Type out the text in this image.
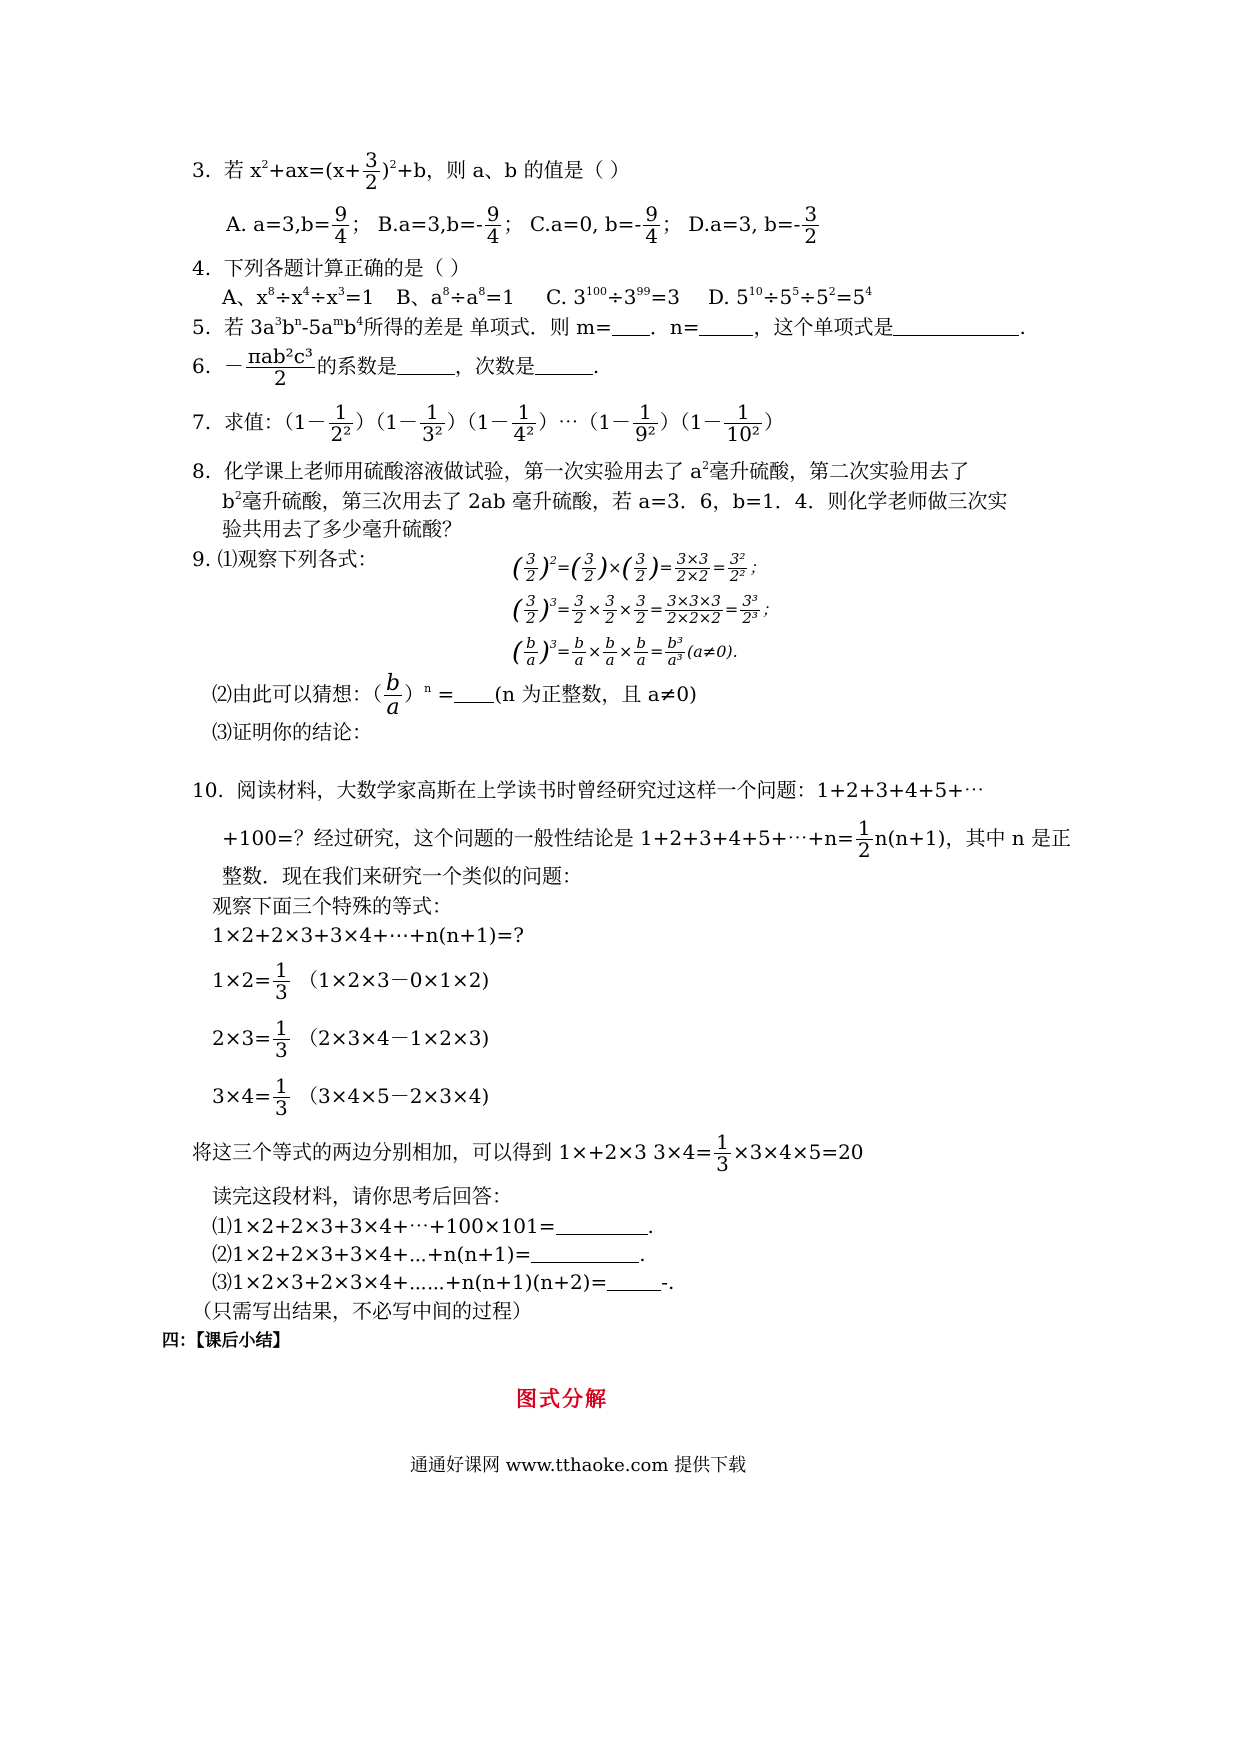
3. 若 $x^2+ax=(x+ \frac{3}{2} )^2+b$，则 a、b 的值是（ ）
A. $a=3,b= \frac{9}{4}$ ； $B.a=3,b=- \frac{9}{4}$ ； C.a=0, $b=- \frac{9}{4}$ ； D.a=3, $b=- \frac{3}{2}$
4. 下列各题计算正确的是（ ）
A、$x^8\div x^4\div x^3=1$ B、$a^8\div a^8=1$ C. $3^{100}\div 3^{99}=3$ D. $5^{10}\div 5^5\div 5^2=5^4$
5. 若 $3a^3b^n-5a^mb^4$所得的差是 单项式．则 m= ．n=	，这个单项式是	.
6. － $\frac{\text{πab²c³}}{2}$ 的系数是	，次数是	.
7. 求值：$(1- \frac{1}{\text{2²}} )(1- \frac{1}{\text{3²}} )(1- \frac{1}{\text{4²}}$ ）⋯（1－ $\frac{1}{\text{9²}} )(1- \frac{1}{\text{10²}}$ ）
8. 化学课上老师用硫酸溶液做试验，第一次实验用去了 $a^2$毫升硫酸，第二次实验用去了
$b^2$毫升硫酸，第三次用去了 2ab 毫升硫酸，若 a=3．6，b=1．4．则化学老师做三次实
验共用去了多少毫升硫酸？
9. ⑴观察下列各式：	( $\frac{3}{2} )^2=( \frac{3}{2}$ )×( $\frac{3}{2}$ )= $\frac{3\times 3}{2\times 2} = \frac{\text{3²}}{\text{2²}}$ ；
( $\frac{3}{2} )^3= \frac{3}{2} \times \frac{3}{2} \times \frac{3}{2} = \frac{3\times 3\times 3}{2\times 2\times 2} = \frac{\text{3³}}{\text{2³}}$ ；
( $\frac{b}{a} )^3= \frac{b}{a} \times \frac{b}{a} \times \frac{b}{a} = \frac{\text{b³}}{\text{a³}} (a\ne 0)$.
⑵由此可以猜想：（ $\frac{b}{a} )^n = (n$ 为正整数，且 a≠0)
⑶证明你的结论：
10. 阅读材料，大数学家高斯在上学读书时曾经研究过这样一个问题：1+2+3+4+5+⋯
+100=？经过研究，这个问题的一般性结论是 1+2+3+4+5+⋯+n= $\frac{1}{2} n(n+1)$，其中 n 是正
整数．现在我们来研究一个类似的问题：
观察下面三个特殊的等式：
1×2+2×3+3×4+⋯+n(n+1)=?
$1\times 2= \frac{1}{3} (1\times 2\times 3-0\times 1\times 2)$
$2\times 3= \frac{1}{3} (2\times 3\times 4-1\times 2\times 3)$
$3\times 4= \frac{1}{3} (3\times 4\times 5-2\times 3\times 4)$
将这三个等式的两边分别相加，可以得到 1×+2×3 $3\times 4= \frac{1}{3} \times 3\times 4\times 5=20$
读完这段材料，请你思考后回答：
⑴1×2+2×3+3×4+⋯+100×101=	.
⑵1×2+2×3+3×4+⋯+n(n+1)=	.
⑶1×2×3+2×3×4+⋯⋯+n(n+1)(n+2)=	-.
（只需写出结果，不必写中间的过程）
四：【课后小结】
图式分解
通通好课网 www.tthaoke.com 提供下载
